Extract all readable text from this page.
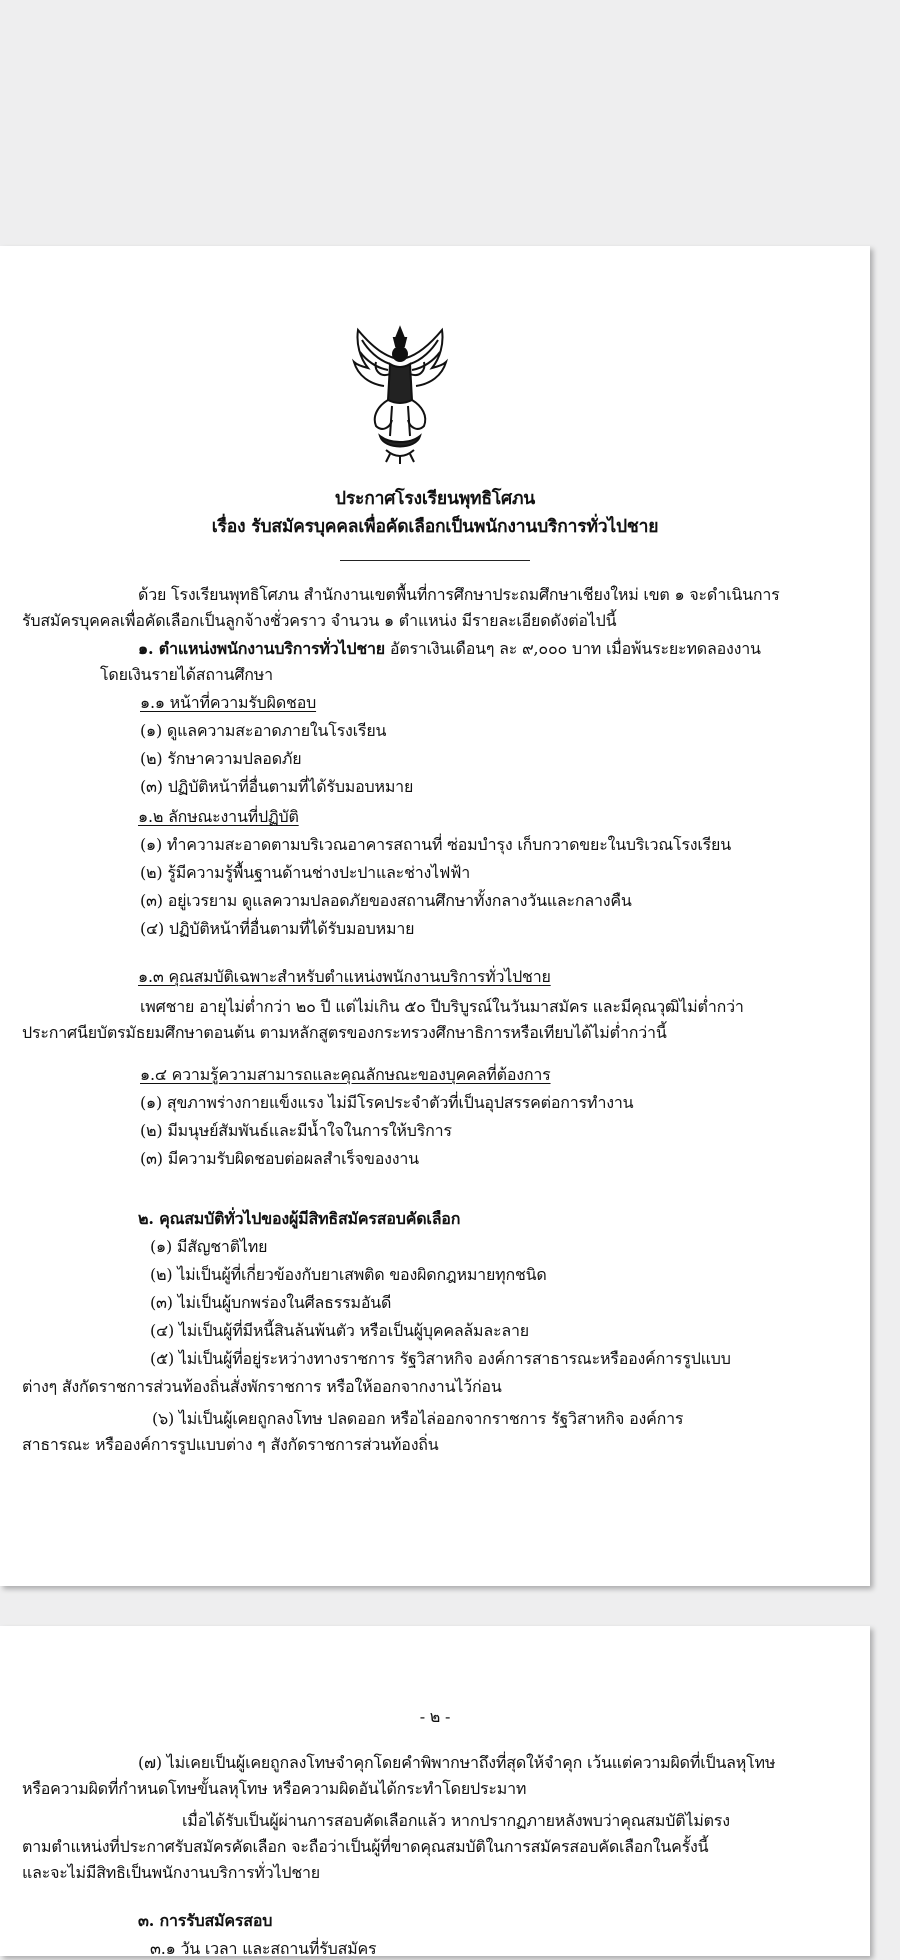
ประกาศโรงเรียนพุทธิโศภน

เรื่อง รับสมัครบุคคลเพื่อคัดเลือกเป็นพนักงานบริการทั่วไปชาย

ด้วย โรงเรียนพุทธิโศภน สำนักงานเขตพื้นที่การศึกษาประถมศึกษาเชียงใหม่ เขต ๑ จะดำเนินการ

รับสมัครบุคคลเพื่อคัดเลือกเป็นลูกจ้างชั่วคราว จำนวน ๑ ตำแหน่ง มีรายละเอียดดังต่อไปนี้

๑. ตำแหน่งพนักงานบริการทั่วไปชาย อัตราเงินเดือนๆ ละ ๙,๐๐๐ บาท เมื่อพ้นระยะทดลองงาน

โดยเงินรายได้สถานศึกษา

๑.๑ หน้าที่ความรับผิดชอบ

(๑) ดูแลความสะอาดภายในโรงเรียน

(๒) รักษาความปลอดภัย

(๓) ปฏิบัติหน้าที่อื่นตามที่ได้รับมอบหมาย

๑.๒ ลักษณะงานที่ปฏิบัติ

(๑) ทำความสะอาดตามบริเวณอาคารสถานที่ ซ่อมบำรุง เก็บกวาดขยะในบริเวณโรงเรียน

(๒) รู้มีความรู้พื้นฐานด้านช่างปะปาและช่างไฟฟ้า

(๓) อยู่เวรยาม ดูแลความปลอดภัยของสถานศึกษาทั้งกลางวันและกลางคืน

(๔) ปฏิบัติหน้าที่อื่นตามที่ได้รับมอบหมาย

๑.๓ คุณสมบัติเฉพาะสำหรับตำแหน่งพนักงานบริการทั่วไปชาย

เพศชาย อายุไม่ต่ำกว่า ๒๐ ปี แต่ไม่เกิน ๕๐ ปีบริบูรณ์ในวันมาสมัคร และมีคุณวุฒิไม่ต่ำกว่า

ประกาศนียบัตรมัธยมศึกษาตอนต้น ตามหลักสูตรของกระทรวงศึกษาธิการหรือเทียบได้ไม่ต่ำกว่านี้

๑.๔ ความรู้ความสามารถและคุณลักษณะของบุคคลที่ต้องการ

(๑) สุขภาพร่างกายแข็งแรง ไม่มีโรคประจำตัวที่เป็นอุปสรรคต่อการทำงาน

(๒) มีมนุษย์สัมพันธ์และมีน้ำใจในการให้บริการ

(๓) มีความรับผิดชอบต่อผลสำเร็จของงาน

๒. คุณสมบัติทั่วไปของผู้มีสิทธิสมัครสอบคัดเลือก

(๑) มีสัญชาติไทย

(๒) ไม่เป็นผู้ที่เกี่ยวข้องกับยาเสพติด ของผิดกฎหมายทุกชนิด

(๓) ไม่เป็นผู้บกพร่องในศีลธรรมอันดี

(๔) ไม่เป็นผู้ที่มีหนี้สินล้นพ้นตัว หรือเป็นผู้บุคคลล้มละลาย

(๕) ไม่เป็นผู้ที่อยู่ระหว่างทางราชการ รัฐวิสาหกิจ องค์การสาธารณะหรือองค์การรูปแบบ

ต่างๆ สังกัดราชการส่วนท้องถิ่นสั่งพักราชการ หรือให้ออกจากงานไว้ก่อน

(๖) ไม่เป็นผู้เคยถูกลงโทษ ปลดออก หรือไล่ออกจากราชการ รัฐวิสาหกิจ องค์การ

สาธารณะ หรือองค์การรูปแบบต่าง ๆ สังกัดราชการส่วนท้องถิ่น

- ๒ -

(๗) ไม่เคยเป็นผู้เคยถูกลงโทษจำคุกโดยคำพิพากษาถึงที่สุดให้จำคุก เว้นแต่ความผิดที่เป็นลหุโทษ

หรือความผิดที่กำหนดโทษขั้นลหุโทษ หรือความผิดอันได้กระทำโดยประมาท

เมื่อได้รับเป็นผู้ผ่านการสอบคัดเลือกแล้ว หากปรากฏภายหลังพบว่าคุณสมบัติไม่ตรง

ตามตำแหน่งที่ประกาศรับสมัครคัดเลือก จะถือว่าเป็นผู้ที่ขาดคุณสมบัติในการสมัครสอบคัดเลือกในครั้งนี้

และจะไม่มีสิทธิเป็นพนักงานบริการทั่วไปชาย

๓. การรับสมัครสอบ

๓.๑ วัน เวลา และสถานที่รับสมัคร
